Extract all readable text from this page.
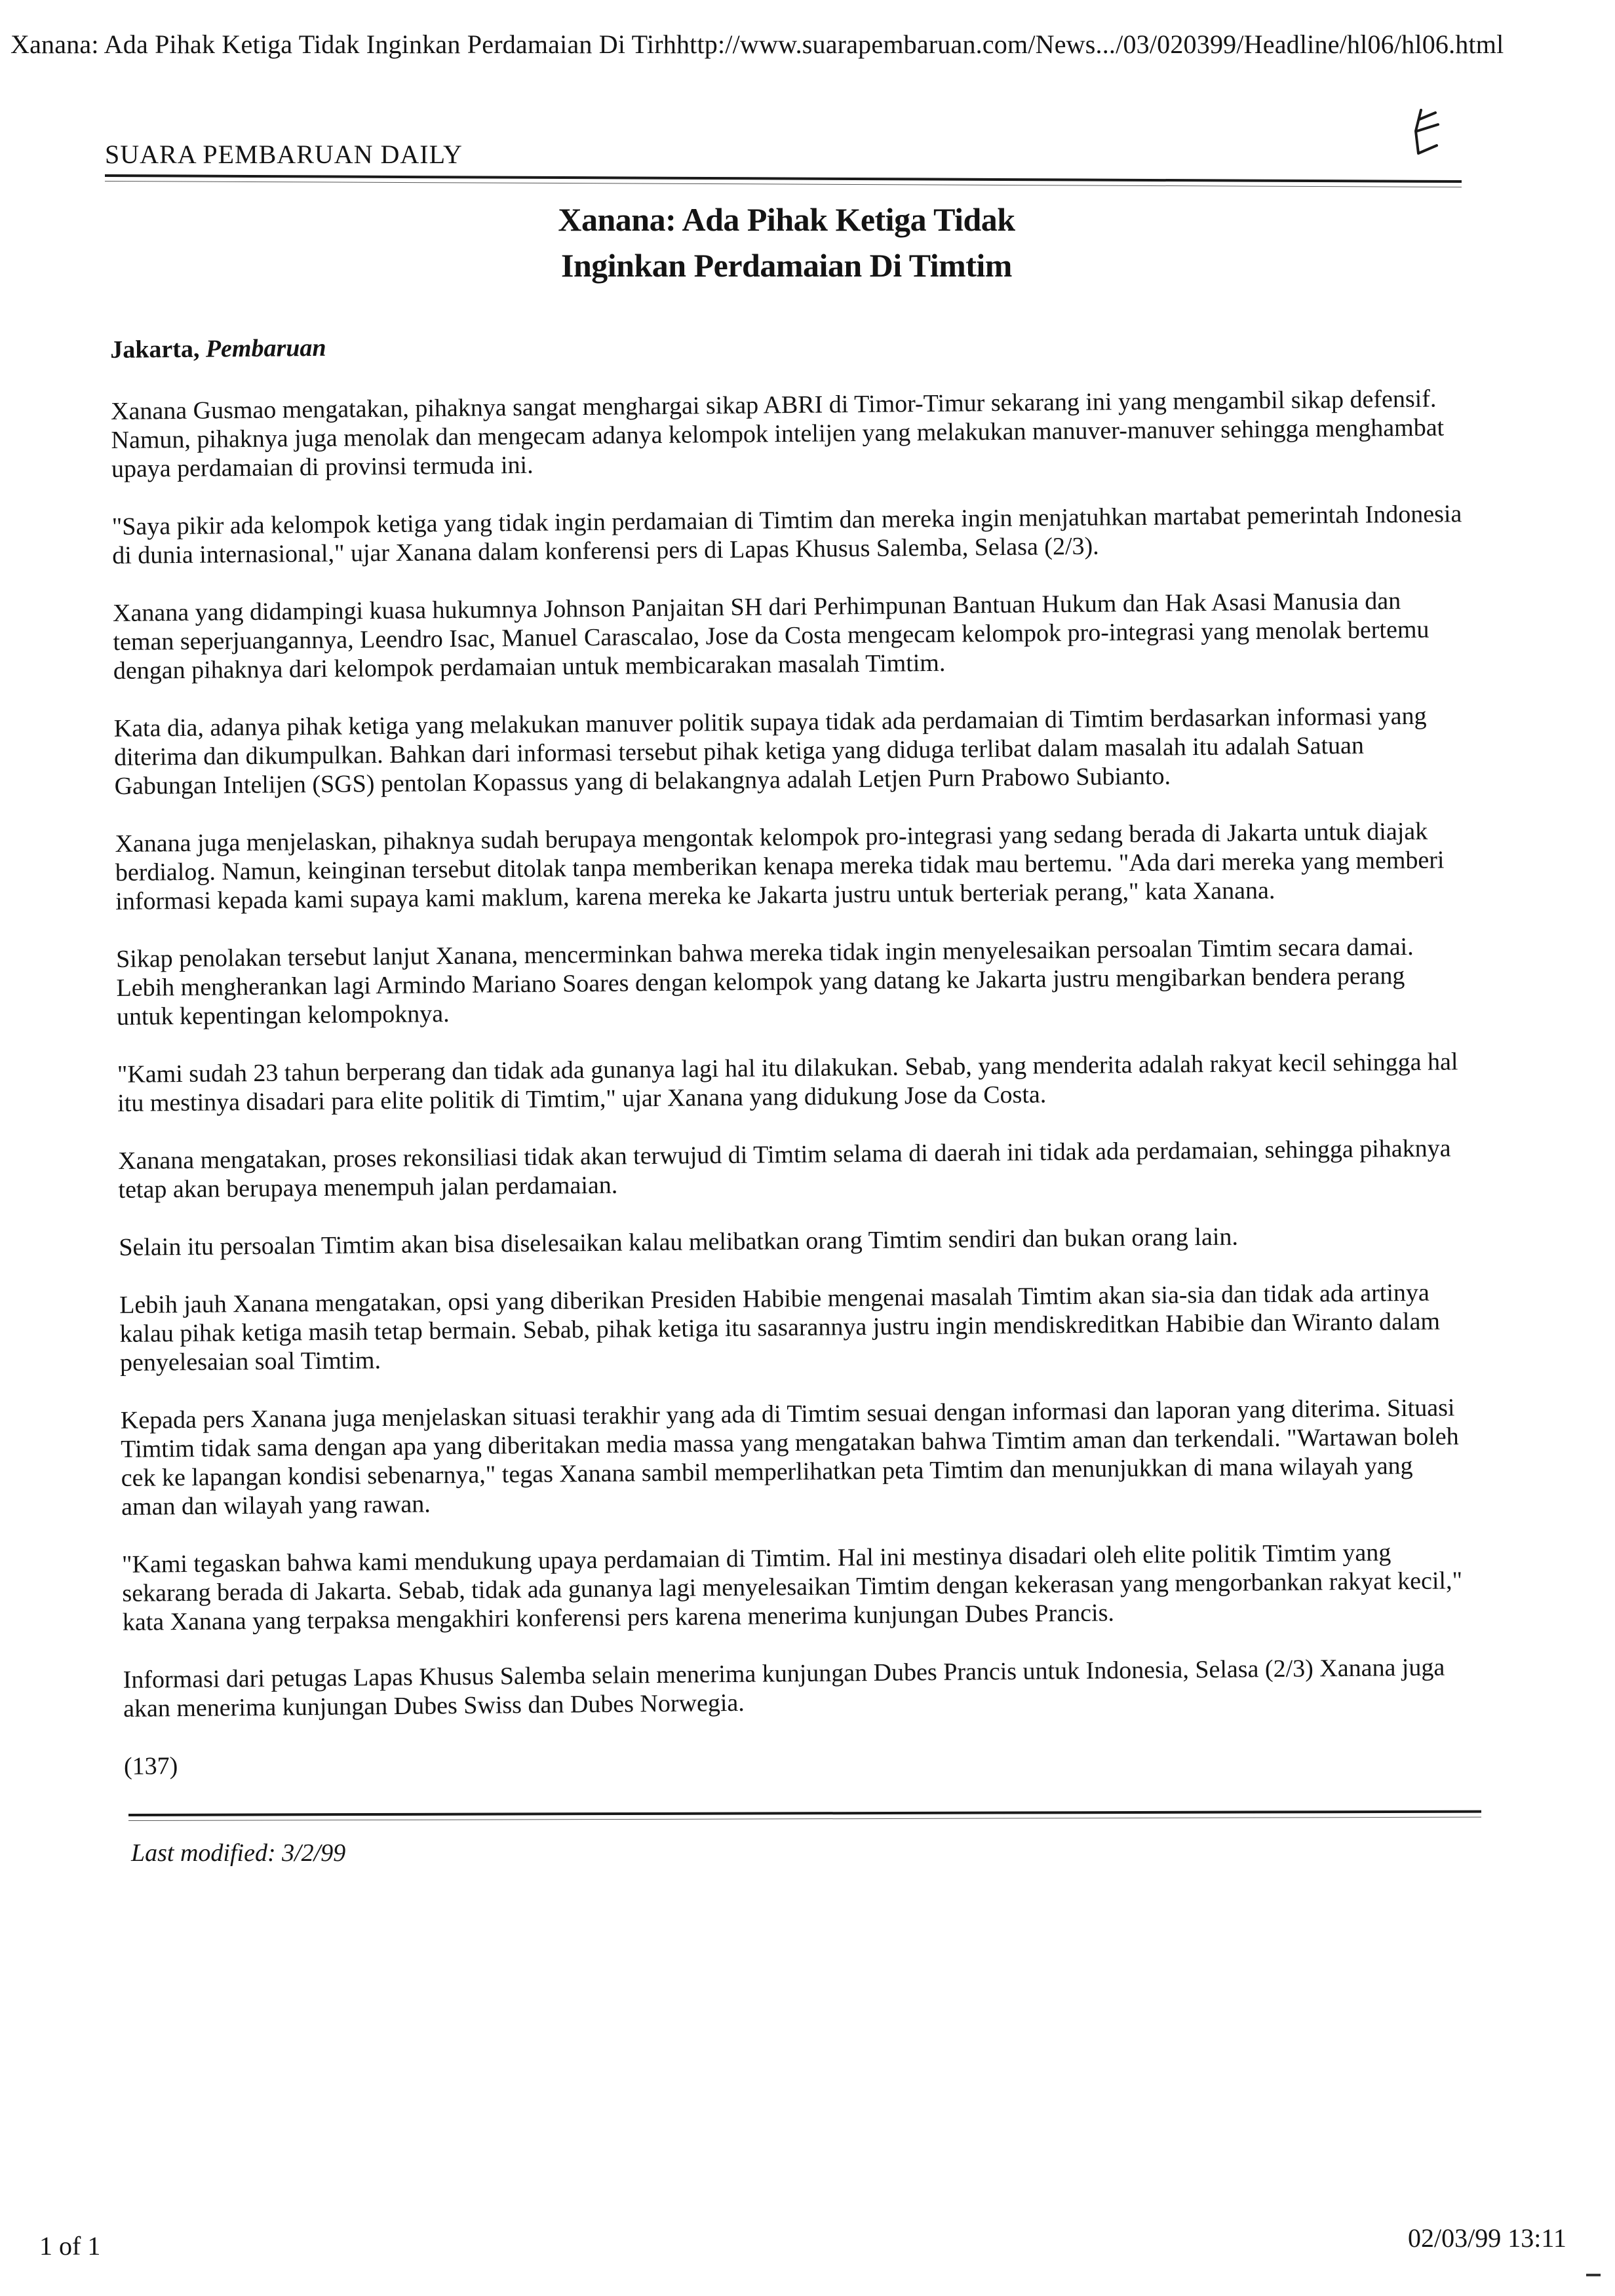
Xanana: Ada Pihak Ketiga Tidak Inginkan Perdamaian Di Tirhhttp://www.suarapembaruan.com/News.../03/020399/Headline/hl06/hl06.html
SUARA PEMBARUAN DAILY
Xanana: Ada Pihak Ketiga Tidak
Inginkan Perdamaian Di Timtim
Jakarta, Pembaruan

Xanana Gusmao mengatakan, pihaknya sangat menghargai sikap ABRI di Timor-Timur sekarang ini yang mengambil sikap defensif. Namun, pihaknya juga menolak dan mengecam adanya kelompok intelijen yang melakukan manuver-manuver sehingga menghambat upaya perdamaian di provinsi termuda ini.

"Saya pikir ada kelompok ketiga yang tidak ingin perdamaian di Timtim dan mereka ingin menjatuhkan martabat pemerintah Indonesia di dunia internasional," ujar Xanana dalam konferensi pers di Lapas Khusus Salemba, Selasa (2/3).

Xanana yang didampingi kuasa hukumnya Johnson Panjaitan SH dari Perhimpunan Bantuan Hukum dan Hak Asasi Manusia dan teman seperjuangannya, Leendro Isac, Manuel Carascalao, Jose da Costa mengecam kelompok pro-integrasi yang menolak bertemu dengan pihaknya dari kelompok perdamaian untuk membicarakan masalah Timtim.

Kata dia, adanya pihak ketiga yang melakukan manuver politik supaya tidak ada perdamaian di Timtim berdasarkan informasi yang diterima dan dikumpulkan. Bahkan dari informasi tersebut pihak ketiga yang diduga terlibat dalam masalah itu adalah Satuan Gabungan Intelijen (SGS) pentolan Kopassus yang di belakangnya adalah Letjen Purn Prabowo Subianto.

Xanana juga menjelaskan, pihaknya sudah berupaya mengontak kelompok pro-integrasi yang sedang berada di Jakarta untuk diajak berdialog. Namun, keinginan tersebut ditolak tanpa memberikan kenapa mereka tidak mau bertemu. "Ada dari mereka yang memberi informasi kepada kami supaya kami maklum, karena mereka ke Jakarta justru untuk berteriak perang," kata Xanana.

Sikap penolakan tersebut lanjut Xanana, mencerminkan bahwa mereka tidak ingin menyelesaikan persoalan Timtim secara damai. Lebih mengherankan lagi Armindo Mariano Soares dengan kelompok yang datang ke Jakarta justru mengibarkan bendera perang untuk kepentingan kelompoknya.

"Kami sudah 23 tahun berperang dan tidak ada gunanya lagi hal itu dilakukan. Sebab, yang menderita adalah rakyat kecil sehingga hal itu mestinya disadari para elite politik di Timtim," ujar Xanana yang didukung Jose da Costa.

Xanana mengatakan, proses rekonsiliasi tidak akan terwujud di Timtim selama di daerah ini tidak ada perdamaian, sehingga pihaknya tetap akan berupaya menempuh jalan perdamaian.

Selain itu persoalan Timtim akan bisa diselesaikan kalau melibatkan orang Timtim sendiri dan bukan orang lain.

Lebih jauh Xanana mengatakan, opsi yang diberikan Presiden Habibie mengenai masalah Timtim akan sia-sia dan tidak ada artinya kalau pihak ketiga masih tetap bermain. Sebab, pihak ketiga itu sasarannya justru ingin mendiskreditkan Habibie dan Wiranto dalam penyelesaian soal Timtim.

Kepada pers Xanana juga menjelaskan situasi terakhir yang ada di Timtim sesuai dengan informasi dan laporan yang diterima. Situasi Timtim tidak sama dengan apa yang diberitakan media massa yang mengatakan bahwa Timtim aman dan terkendali. "Wartawan boleh cek ke lapangan kondisi sebenarnya," tegas Xanana sambil memperlihatkan peta Timtim dan menunjukkan di mana wilayah yang aman dan wilayah yang rawan.

"Kami tegaskan bahwa kami mendukung upaya perdamaian di Timtim. Hal ini mestinya disadari oleh elite politik Timtim yang sekarang berada di Jakarta. Sebab, tidak ada gunanya lagi menyelesaikan Timtim dengan kekerasan yang mengorbankan rakyat kecil," kata Xanana yang terpaksa mengakhiri konferensi pers karena menerima kunjungan Dubes Prancis.

Informasi dari petugas Lapas Khusus Salemba selain menerima kunjungan Dubes Prancis untuk Indonesia, Selasa (2/3) Xanana juga akan menerima kunjungan Dubes Swiss dan Dubes Norwegia.

(137)
Last modified: 3/2/99
1 of 1	02/03/99 13:11
